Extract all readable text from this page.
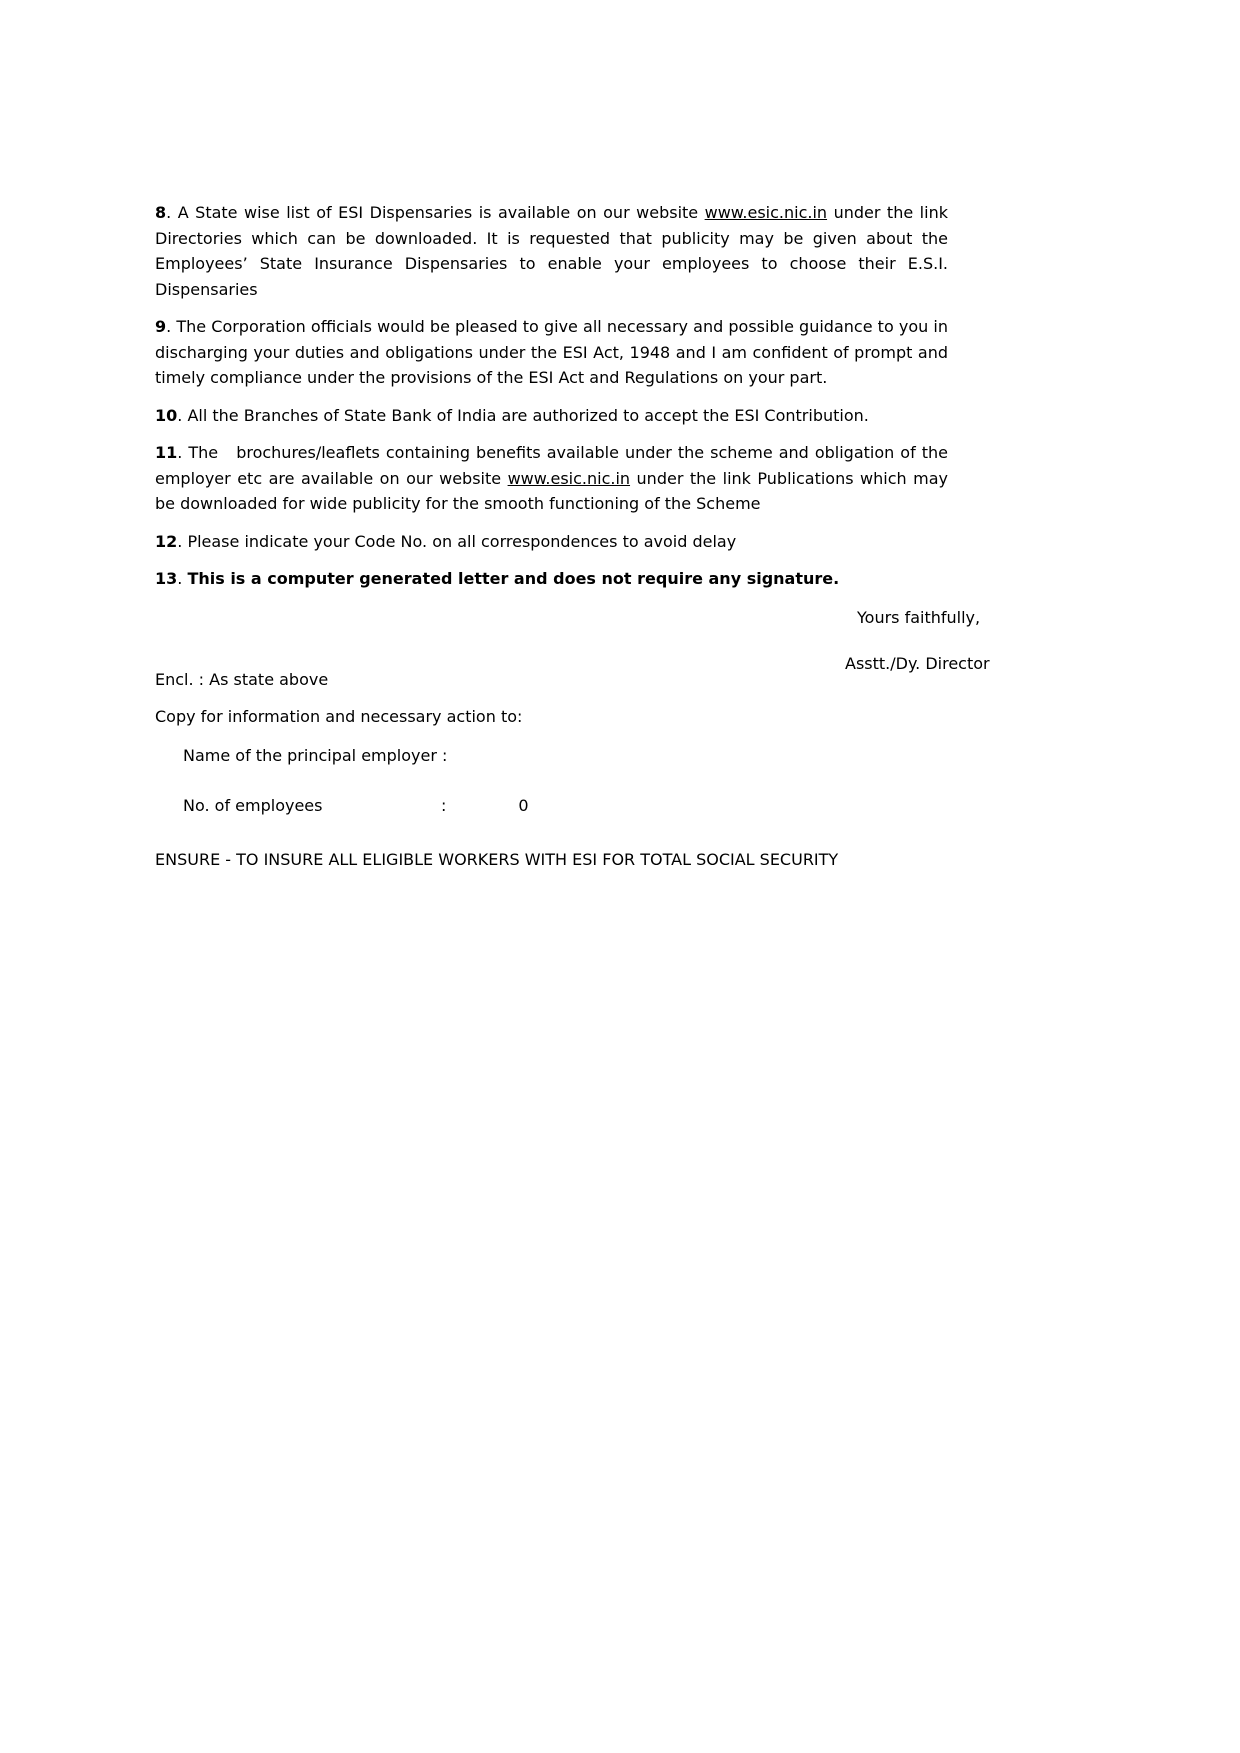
8. A State wise list of ESI Dispensaries is available on our website www.esic.nic.in under the link
Directories which can be downloaded. It is requested that publicity may be given about the
Employees’ State Insurance Dispensaries to enable your employees to choose their E.S.I.
Dispensaries
9. The Corporation officials would be pleased to give all necessary and possible guidance to you in
discharging your duties and obligations under the ESI Act, 1948 and I am confident of prompt and
timely compliance under the provisions of the ESI Act and Regulations on your part.
10. All the Branches of State Bank of India are authorized to accept the ESI Contribution.
11. The   brochures/leaflets containing benefits available under the scheme and obligation of the
employer etc are available on our website www.esic.nic.in under the link Publications which may
be downloaded for wide publicity for the smooth functioning of the Scheme
12. Please indicate your Code No. on all correspondences to avoid delay
13. This is a computer generated letter and does not require any signature.
Yours faithfully,
Asstt./Dy. Director
Encl. : As state above
Copy for information and necessary action to:
Name of the principal employer :
No. of employees	:	0
ENSURE - TO INSURE ALL ELIGIBLE WORKERS WITH ESI FOR TOTAL SOCIAL SECURITY
